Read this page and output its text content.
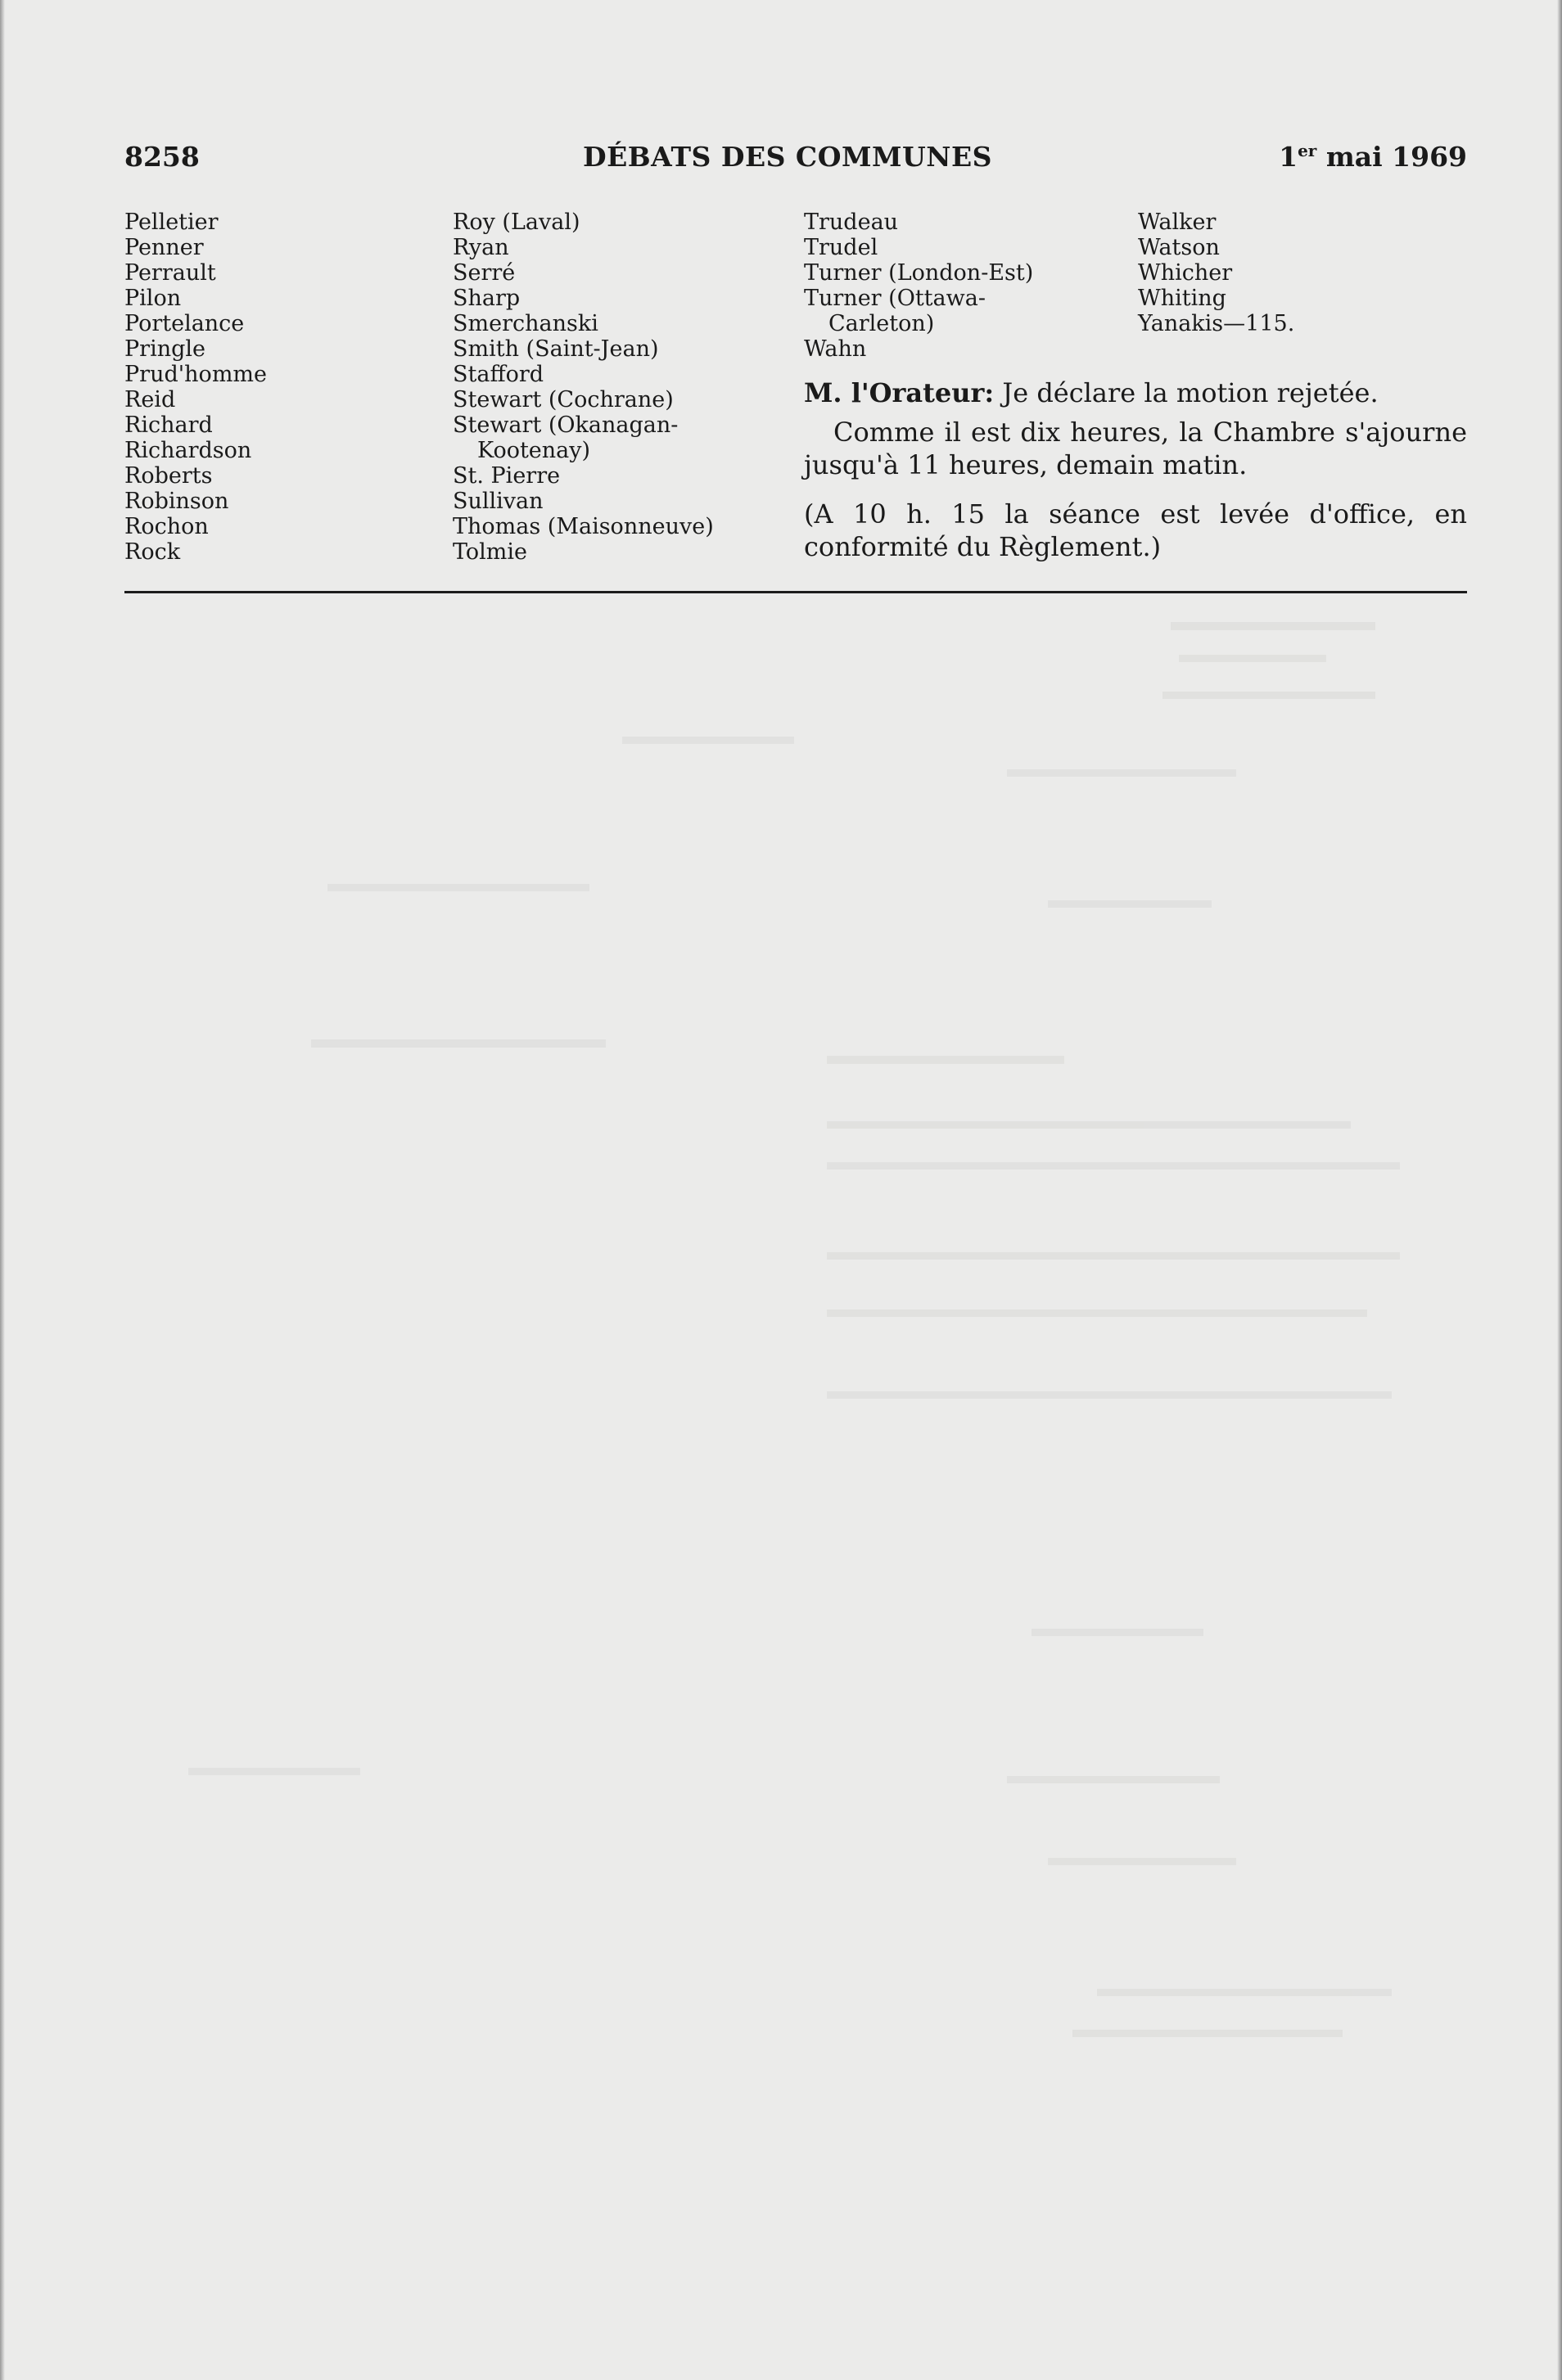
8258	DÉBATS DES COMMUNES	1er mai 1969
Pelletier
Penner
Perrault
Pilon
Portelance
Pringle
Prud'homme
Reid
Richard
Richardson
Roberts
Robinson
Rochon
Rock
Roy (Laval)
Ryan
Serré
Sharp
Smerchanski
Smith (Saint-Jean)
Stafford
Stewart (Cochrane)
Stewart (Okanagan-
Kootenay)
St. Pierre
Sullivan
Thomas (Maisonneuve)
Tolmie
Trudeau
Trudel
Turner (London-Est)
Turner (Ottawa-
Carleton)
Wahn
Walker
Watson
Whicher
Whiting
Yanakis—115.
M. l'Orateur: Je déclare la motion rejetée.
Comme il est dix heures, la Chambre s'ajourne jusqu'à 11 heures, demain matin.
(A 10 h. 15 la séance est levée d'office, en conformité du Règlement.)
